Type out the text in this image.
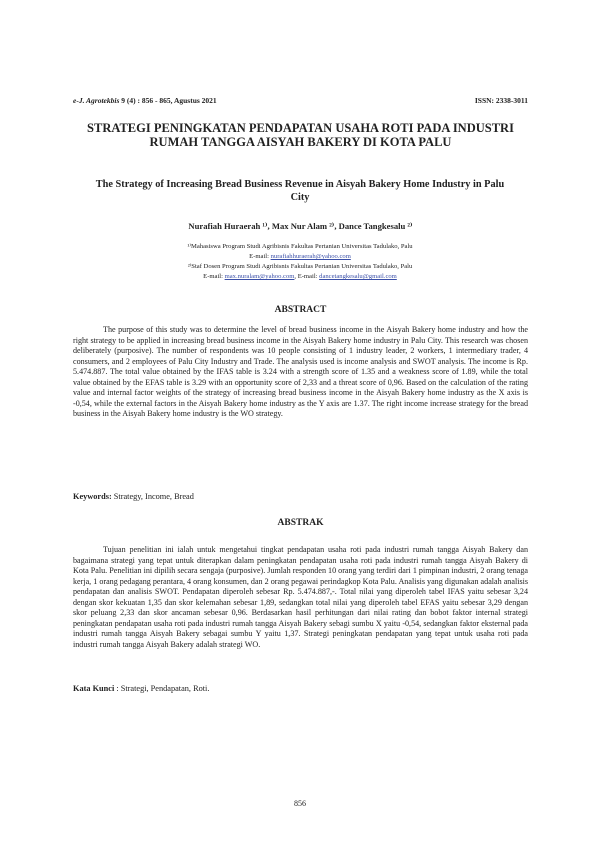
e-J. Agrotekbis 9 (4) : 856 - 865, Agustus 2021	ISSN: 2338-3011
STRATEGI PENINGKATAN PENDAPATAN USAHA ROTI PADA INDUSTRI RUMAH TANGGA AISYAH BAKERY DI KOTA PALU
The Strategy of Increasing Bread Business Revenue in Aisyah Bakery Home Industry in Palu City
Nurafiah Huraerah ¹⁾, Max Nur Alam ²⁾, Dance Tangkesalu ²⁾
¹⁾Mahasiswa Program Studi Agribisnis Fakultas Pertanian Universitas Tadulako, Palu
E-mail: nurafiahhuraerah@yahoo.com
²⁾Staf Dosen Program Studi Agribisnis Fakultas Pertanian Universitas Tadulako, Palu
E-mail: max.nuralam@yahoo.com, E-mail: dancetangkesalu@gmail.com
ABSTRACT
The purpose of this study was to determine the level of bread business income in the Aisyah Bakery home industry and how the right strategy to be applied in increasing bread business income in the Aisyah Bakery home industry in Palu City. This research was chosen deliberately (purposive). The number of respondents was 10 people consisting of 1 industry leader, 2 workers, 1 intermediary trader, 4 consumers, and 2 employees of Palu City Industry and Trade. The analysis used is income analysis and SWOT analysis. The income is Rp. 5.474.887. The total value obtained by the IFAS table is 3.24 with a strength score of 1.35 and a weakness score of 1.89, while the total value obtained by the EFAS table is 3.29 with an opportunity score of 2,33 and a threat score of 0,96. Based on the calculation of the rating value and internal factor weights of the strategy of increasing bread business income in the Aisyah Bakery home industry as the X axis is -0,54, while the external factors in the Aisyah Bakery home industry as the Y axis are 1.37. The right income increase strategy for the bread business in the Aisyah Bakery home industry is the WO strategy.
Keywords: Strategy, Income, Bread
ABSTRAK
Tujuan penelitian ini ialah untuk mengetahui tingkat pendapatan usaha roti pada industri rumah tangga Aisyah Bakery dan bagaimana strategi yang tepat untuk diterapkan dalam peningkatan pendapatan usaha roti pada industri rumah tangga Aisyah Bakery di Kota Palu. Penelitian ini dipilih secara sengaja (purposive). Jumlah responden 10 orang yang terdiri dari 1 pimpinan industri, 2 orang tenaga kerja, 1 orang pedagang perantara, 4 orang konsumen, dan 2 orang pegawai perindagkop Kota Palu. Analisis yang digunakan adalah analisis pendapatan dan analisis SWOT. Pendapatan diperoleh sebesar Rp. 5.474.887,-. Total nilai yang diperoleh tabel IFAS yaitu sebesar 3,24 dengan skor kekuatan 1,35 dan skor kelemahan sebesar 1,89, sedangkan total nilai yang diperoleh tabel EFAS yaitu sebesar 3,29 dengan skor peluang 2,33 dan skor ancaman sebesar 0,96. Berdasarkan hasil perhitungan dari nilai rating dan bobot faktor internal strategi peningkatan pendapatan usaha roti pada industri rumah tangga Aisyah Bakery sebagi sumbu X yaitu -0,54, sedangkan faktor eksternal pada industri rumah tangga Aisyah Bakery sebagai sumbu Y yaitu 1,37. Strategi peningkatan pendapatan yang tepat untuk usaha roti pada industri rumah tangga Aisyah Bakery adalah strategi WO.
Kata Kunci : Strategi, Pendapatan, Roti.
856
